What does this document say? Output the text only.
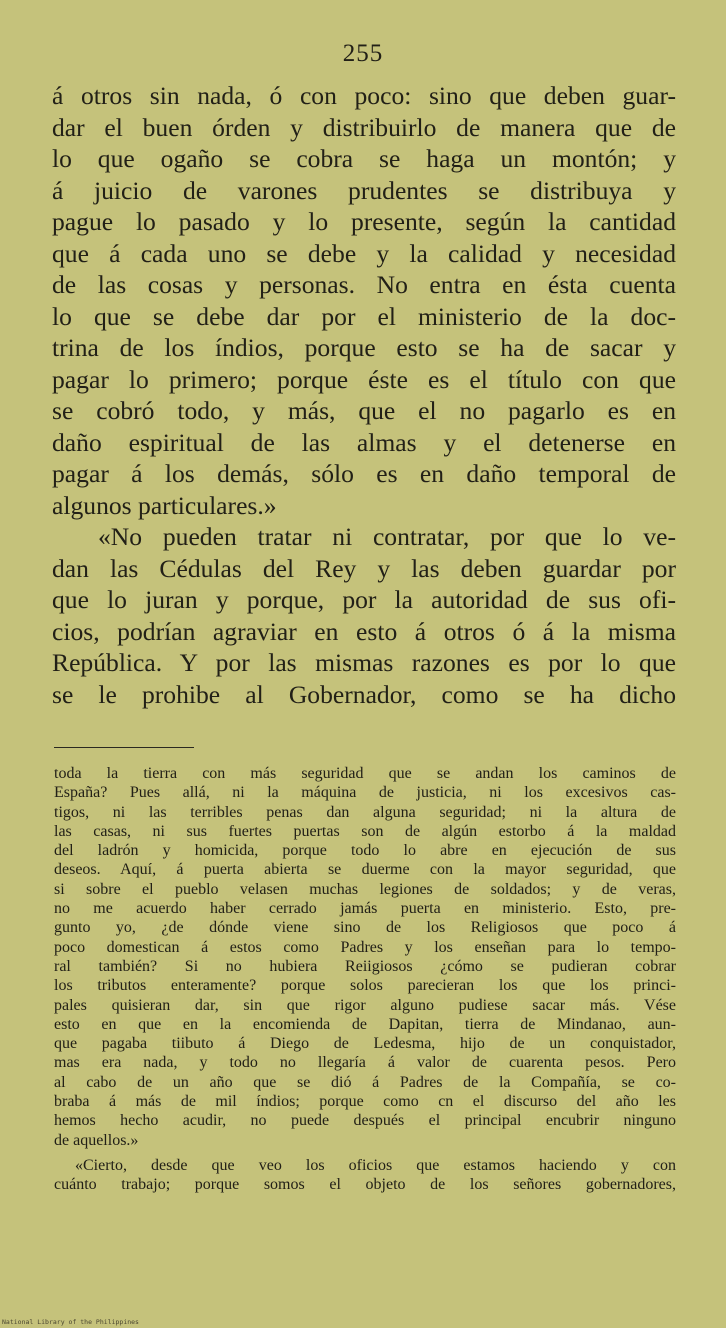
255
á otros sin nada, ó con poco: sino que deben guar-
dar el buen órden y distribuirlo de manera que de
lo que ogaño se cobra se haga un montón; y
á juicio de varones prudentes se distribuya y
pague lo pasado y lo presente, según la cantidad
que á cada uno se debe y la calidad y necesidad
de las cosas y personas. No entra en ésta cuenta
lo que se debe dar por el ministerio de la doc-
trina de los índios, porque esto se ha de sacar y
pagar lo primero; porque éste es el título con que
se cobró todo, y más, que el no pagarlo es en
daño espiritual de las almas y el detenerse en
pagar á los demás, sólo es en daño temporal de
algunos particulares.»
«No pueden tratar ni contratar, por que lo ve-
dan las Cédulas del Rey y las deben guardar por
que lo juran y porque, por la autoridad de sus ofi-
cios, podrían agraviar en esto á otros ó á la misma
República. Y por las mismas razones es por lo que
se le prohibe al Gobernador, como se ha dicho
toda la tierra con más seguridad que se andan los caminos de
España? Pues allá, ni la máquina de justicia, ni los excesivos cas-
tigos, ni las terribles penas dan alguna seguridad; ni la altura de
las casas, ni sus fuertes puertas son de algún estorbo á la maldad
del ladrón y homicida, porque todo lo abre en ejecución de sus
deseos. Aquí, á puerta abierta se duerme con la mayor seguridad, que
si sobre el pueblo velasen muchas legiones de soldados; y de veras,
no me acuerdo haber cerrado jamás puerta en ministerio. Esto, pre-
gunto yo, ¿de dónde viene sino de los Religiosos que poco á
poco domestican á estos como Padres y los enseñan para lo tempo-
ral también? Si no hubiera Reiigiosos ¿cómo se pudieran cobrar
los tributos enteramente? porque solos parecieran los que los princi-
pales quisieran dar, sin que rigor alguno pudiese sacar más. Vése
esto en que en la encomienda de Dapitan, tierra de Mindanao, aun-
que pagaba tiibuto á Diego de Ledesma, hijo de un conquistador,
mas era nada, y todo no llegaría á valor de cuarenta pesos. Pero
al cabo de un año que se dió á Padres de la Compañía, se co-
braba á más de mil índios; porque como cn el discurso del año les
hemos hecho acudir, no puede después el principal encubrir ninguno
de aquellos.»
«Cierto, desde que veo los oficios que estamos haciendo y con
cuánto trabajo; porque somos el objeto de los señores gobernadores,
National Library of the Philippines
